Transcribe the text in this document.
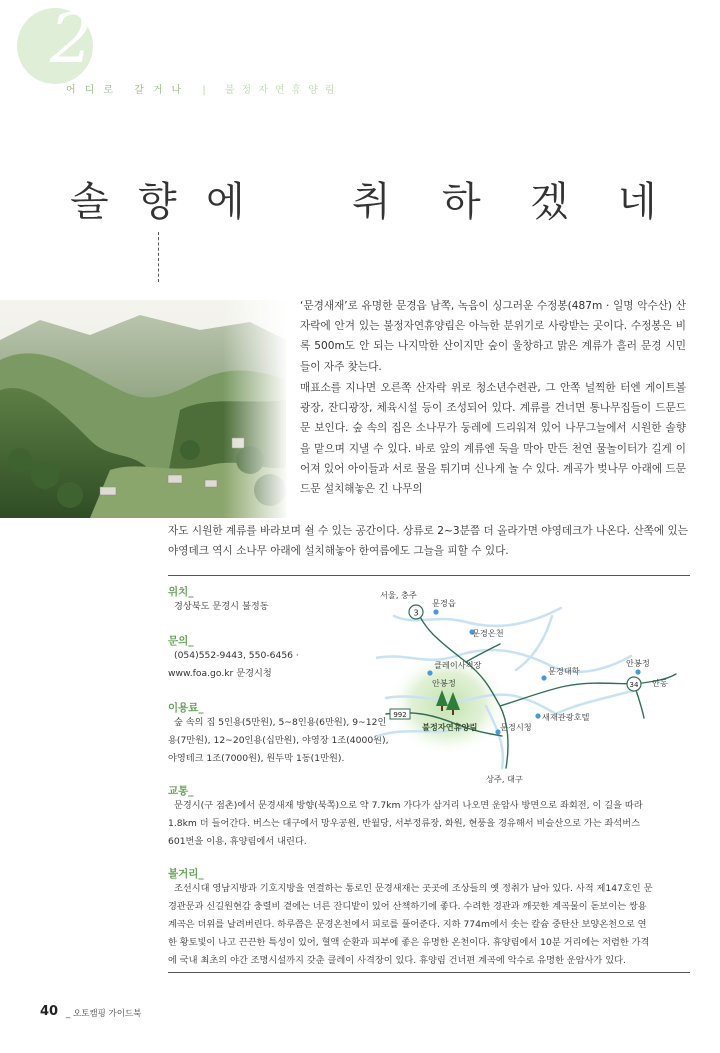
2
어디로 갈거나 | 불정자연휴양림
솔 향 에	취 하 겠 네

‘문경새재’로 유명한 문경읍 남쪽, 녹음이 싱그러운 수정봉(487m · 일명 악수산) 산자락에 안겨 있는 불정자연휴양림은 아늑한 분위기로 사랑받는 곳이다. 수정봉은 비록 500m도 안 되는 나지막한 산이지만 숲이 울창하고 맑은 계류가 흘러 문경 시민들이 자주 찾는다.

매표소를 지나면 오른쪽 산자락 위로 청소년수련관, 그 안쪽 널찍한 터엔 게이트볼 광장, 잔디광장, 체육시설 등이 조성되어 있다. 계류를 건너면 통나무집들이 드문드문 보인다. 숲 속의 집은 소나무가 둥레에 드리워져 있어 나무그늘에서 시원한 솔향을 맡으며 지낼 수 있다. 바로 앞의 계류엔 둑을 막아 만든 천연 물놀이터가 길게 이어져 있어 아이들과 서로 물을 튀기며 신나게 놀 수 있다. 계곡가 벚나무 아래에 드문드문 설치해놓은 긴 나무의

자도 시원한 계류를 바라보며 쉴 수 있는 공간이다. 상류로 2~3분쯤 더 올라가면 야영데크가 나온다. 산쪽에 있는 야영데크 역시 소나무 아래에 설치해놓아 한여름에도 그늘을 피할 수 있다.

위치_
경상북도 문경시 불정동
문의_
(054)552-9443, 550-6456 ·
www.foa.go.kr 문경시청
이용료_
숲 속의 집 5인용(5만원), 5~8인용(6만원), 9~12인
용(7만원), 12~20인용(십만원), 야영장 1조(4000원),
야영테크 1조(7000원), 원두막 1동(1만원).
교통_
문경시(구 점촌)에서 문경새재 방향(북쪽)으로 약 7.7km 가다가 삼거리 나오면 운암사 방면으로 좌회전, 이 길을 따라
1.8km 더 들어간다. 버스는 대구에서 망우공원, 반월당, 서부정류장, 화원, 현풍을 경유해서 비슬산으로 가는 좌석버스
601번을 이용, 휴양림에서 내린다.
볼거리_
조선시대 영남지방과 기호지방을 연결하는 통로인 문경새재는 곳곳에 조상들의 옛 정취가 남아 있다. 사적 제147호인 문
경관문과 신길원현감 충렬비 곁에는 너른 잔디밭이 있어 산책하기에 좋다. 수려한 경관과 깨끗한 계곡물이 돋보이는 쌍용
계곡은 더위를 날려버린다. 하루쯤은 문경온천에서 피로를 풀어준다. 지하 774m에서 솟는 칼슘 중탄산 보양온천으로 연
한 황토빛이 나고 끈끈한 특성이 있어, 혈액 순환과 피부에 좋은 유명한 온천이다. 휴양림에서 10분 거리에는 저렴한 가격
에 국내 최초의 야간 조명시설까지 갖춘 클레이 사격장이 있다. 휴양림 건너편 계곡에 악수로 유명한 운암사가 있다.
3
34
992
서울, 충주
문경읍
문경온천
클레이사격장
안봉정
문경대학
안봉정
안동
불정자연휴양림	문경시청
새재관광호텔
상주, 대구
40 _ 오토캠핑 가이드북
